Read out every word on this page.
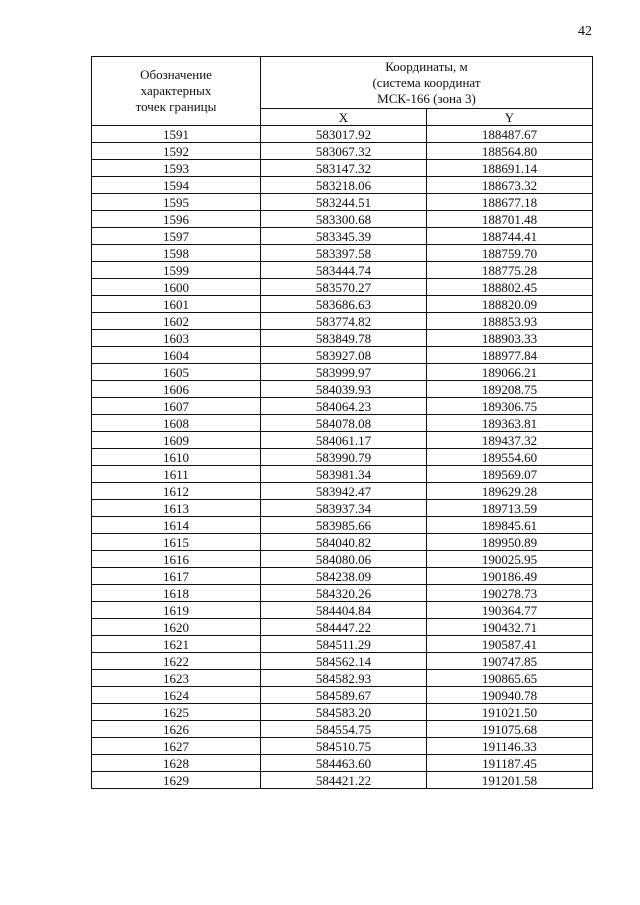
42
Обозначение
характерных
точек границы	Координаты, м
(система координат
МСК-166 (зона 3)	
	X	Y
1591	583017.92	188487.67
1592	583067.32	188564.80
1593	583147.32	188691.14
1594	583218.06	188673.32
1595	583244.51	188677.18
1596	583300.68	188701.48
1597	583345.39	188744.41
1598	583397.58	188759.70
1599	583444.74	188775.28
1600	583570.27	188802.45
1601	583686.63	188820.09
1602	583774.82	188853.93
1603	583849.78	188903.33
1604	583927.08	188977.84
1605	583999.97	189066.21
1606	584039.93	189208.75
1607	584064.23	189306.75
1608	584078.08	189363.81
1609	584061.17	189437.32
1610	583990.79	189554.60
1611	583981.34	189569.07
1612	583942.47	189629.28
1613	583937.34	189713.59
1614	583985.66	189845.61
1615	584040.82	189950.89
1616	584080.06	190025.95
1617	584238.09	190186.49
1618	584320.26	190278.73
1619	584404.84	190364.77
1620	584447.22	190432.71
1621	584511.29	190587.41
1622	584562.14	190747.85
1623	584582.93	190865.65
1624	584589.67	190940.78
1625	584583.20	191021.50
1626	584554.75	191075.68
1627	584510.75	191146.33
1628	584463.60	191187.45
1629	584421.22	191201.58
